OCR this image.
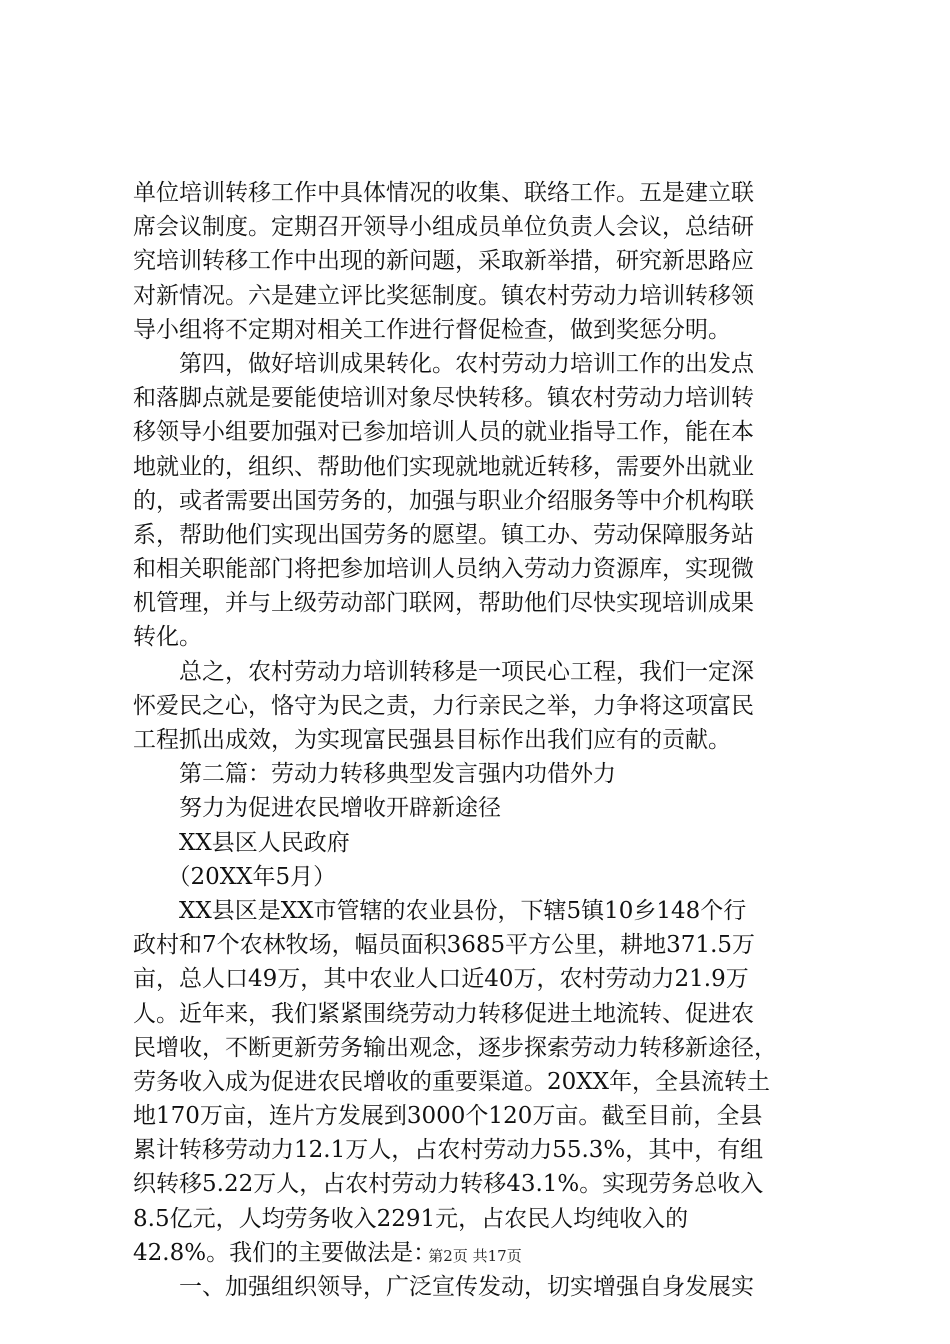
单位培训转移工作中具体情况的收集、联络工作。五是建立联
席会议制度。定期召开领导小组成员单位负责人会议，总结研
究培训转移工作中出现的新问题，采取新举措，研究新思路应
对新情况。六是建立评比奖惩制度。镇农村劳动力培训转移领
导小组将不定期对相关工作进行督促检查，做到奖惩分明。
　　第四，做好培训成果转化。农村劳动力培训工作的出发点
和落脚点就是要能使培训对象尽快转移。镇农村劳动力培训转
移领导小组要加强对已参加培训人员的就业指导工作，能在本
地就业的，组织、帮助他们实现就地就近转移，需要外出就业
的，或者需要出国劳务的，加强与职业介绍服务等中介机构联
系，帮助他们实现出国劳务的愿望。镇工办、劳动保障服务站
和相关职能部门将把参加培训人员纳入劳动力资源库，实现微
机管理，并与上级劳动部门联网，帮助他们尽快实现培训成果
转化。
　　总之，农村劳动力培训转移是一项民心工程，我们一定深
怀爱民之心，恪守为民之责，力行亲民之举，力争将这项富民
工程抓出成效，为实现富民强县目标作出我们应有的贡献。
　　第二篇：劳动力转移典型发言强内功借外力
　　努力为促进农民增收开辟新途径
　　XX县区人民政府
　　（20XX年5月）
　　XX县区是XX市管辖的农业县份，下辖5镇10乡148个行
政村和7个农林牧场，幅员面积3685平方公里，耕地371.5万
亩，总人口49万，其中农业人口近40万，农村劳动力21.9万
人。近年来，我们紧紧围绕劳动力转移促进土地流转、促进农
民增收，不断更新劳务输出观念，逐步探索劳动力转移新途径，
劳务收入成为促进农民增收的重要渠道。20XX年，全县流转土
地170万亩，连片方发展到3000个120万亩。截至目前，全县
累计转移劳动力12.1万人，占农村劳动力55.3%，其中，有组
织转移5.22万人，占农村劳动力转移43.1%。实现劳务总收入
8.5亿元，人均劳务收入2291元，占农民人均纯收入的
42.8%。我们的主要做法是：
　　一、加强组织领导，广泛宣传发动，切实增强自身发展实
第2页 共17页
